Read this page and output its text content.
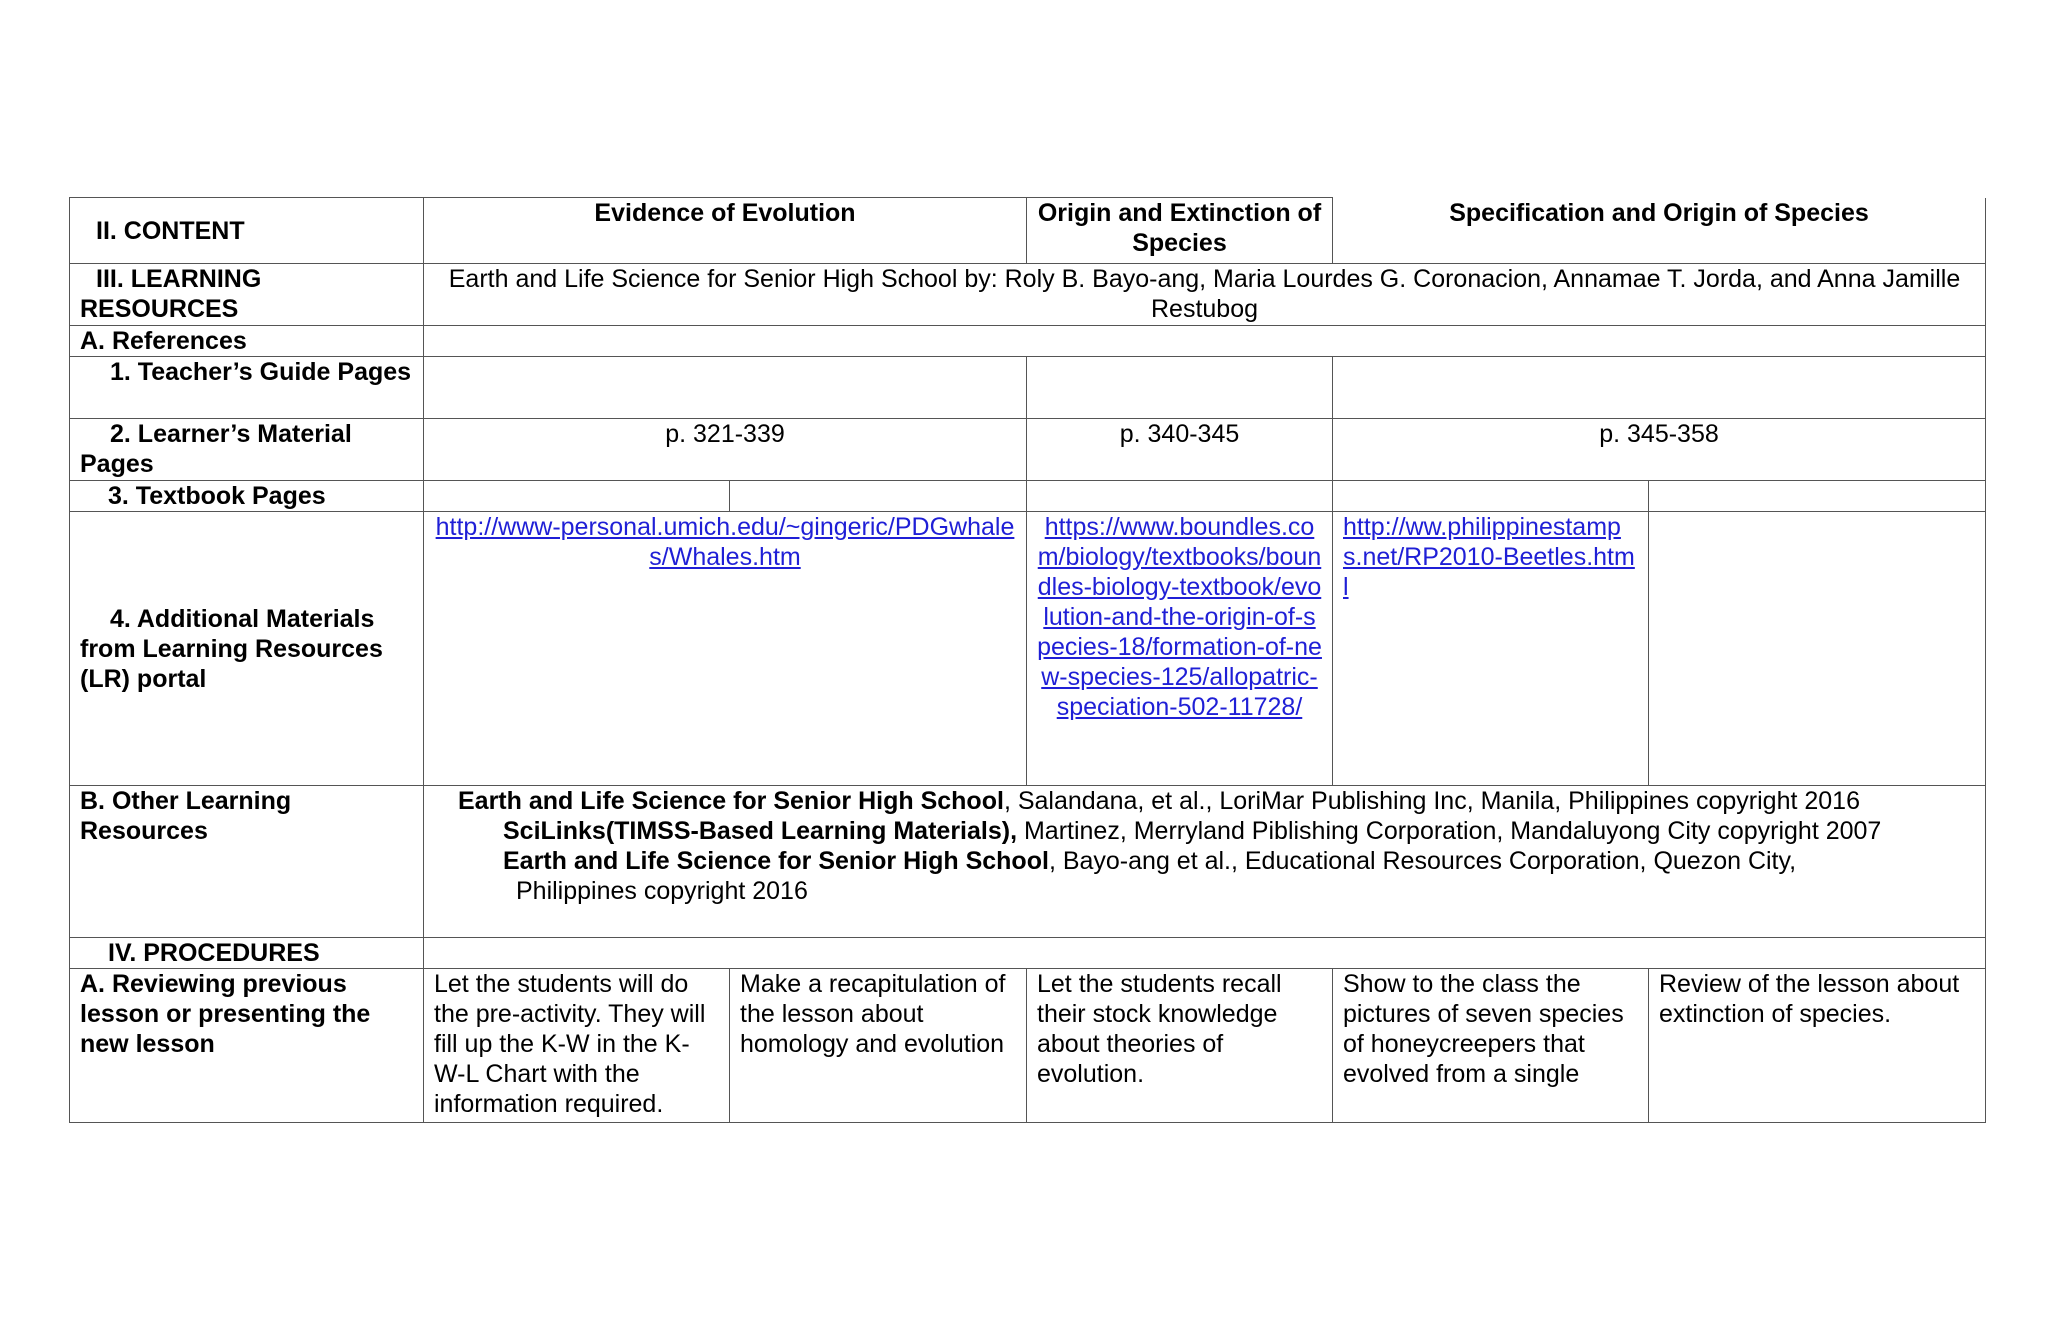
II. CONTENT	Evidence of Evolution		Origin and Extinction of Species	Specification and Origin of Species	
III. LEARNING RESOURCES	Earth and Life Science for Senior High School by: Roly B. Bayo-ang, Maria Lourdes G. Coronacion, Annamae T. Jorda, and Anna Jamille Restubog				
A. References					
1. Teacher’s Guide Pages					
2. Learner’s Material Pages	p. 321-339		p. 340-345	p. 345-358	
3. Textbook Pages					

4. Additional Materials from Learning Resources (LR) portal	http://www-personal.umich.edu/~gingeric/PDGwhales/Whales.htm		https://www.boundles.com/biology/textbooks/boundles-biology-textbook/evolution-and-the-origin-of-species-18/formation-of-new-species-125/allopatric-speciation-502-11728/	http://ww.philippinestamps.net/RP2010-Beetles.html	
B. Other Learning Resources	Earth and Life Science for Senior High School, Salandana, et al., LoriMar Publishing Inc, Manila, Philippines copyright 2016
SciLinks(TIMSS-Based Learning Materials), Martinez, Merryland Piblishing Corporation, Mandaluyong City copyright 2007
Earth and Life Science for Senior High School, Bayo-ang et al., Educational Resources Corporation, Quezon City,
Philippines copyright 2016				

IV. PROCEDURES					
A. Reviewing previous lesson or presenting the new lesson	Let the students will do the pre-activity. They will fill up the K-W in the K-W-L Chart with the information required.	Make a recapitulation of the lesson about homology and evolution	Let the students recall their stock knowledge about theories of evolution.	Show to the class the pictures of seven species of honeycreepers that evolved from a single	Review of the lesson about extinction of species.
